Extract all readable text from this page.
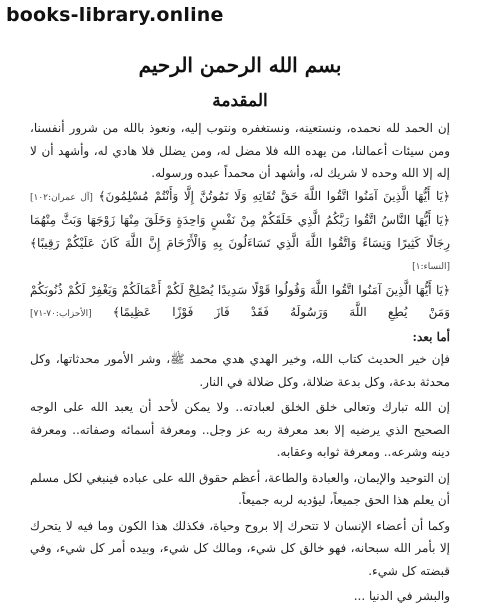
books-library.online
بسم الله الرحمن الرحيم
المقدمة

إن الحمد لله نحمده، ونستعينه، ونستغفره ونتوب إليه، ونعوذ بالله من شرور أنفسنا، ومن سيئات أعمالنا، من يهده الله فلا مضل له، ومن يضلل فلا هادي له، وأشهد أن لا إله إلا الله وحده لا شريك له، وأشهد أن محمداً عبده ورسوله.

﴿يَا أَيُّهَا الَّذِينَ آمَنُوا اتَّقُوا اللَّهَ حَقَّ تُقَاتِهِ وَلَا تَمُوتُنَّ إِلَّا وَأَنْتُمْ مُسْلِمُونَ﴾ [آل عمران:١٠٢]
﴿يَا أَيُّهَا النَّاسُ اتَّقُوا رَبَّكُمُ الَّذِي خَلَقَكُمْ مِنْ نَفْسٍ وَاحِدَةٍ وَخَلَقَ مِنْهَا زَوْجَهَا وَبَثَّ مِنْهُمَا رِجَالًا كَثِيرًا وَنِسَاءً وَاتَّقُوا اللَّهَ الَّذِي تَسَاءَلُونَ بِهِ وَالْأَرْحَامَ إِنَّ اللَّهَ كَانَ عَلَيْكُمْ رَقِيبًا﴾ [النساء:١]
﴿يَا أَيُّهَا الَّذِينَ آمَنُوا اتَّقُوا اللَّهَ وَقُولُوا قَوْلًا سَدِيدًا يُصْلِحْ لَكُمْ أَعْمَالَكُمْ وَيَغْفِرْ لَكُمْ ذُنُوبَكُمْ وَمَنْ يُطِعِ اللَّهَ وَرَسُولَهُ فَقَدْ فَازَ فَوْزًا عَظِيمًا﴾ [الأحزاب:٧٠-٧١]

أما بعد:

فإن خير الحديث كتاب الله، وخير الهدي هدي محمد ﷺ، وشر الأمور محدثاتها، وكل محدثة بدعة، وكل بدعة ضلالة، وكل ضلالة في النار.

إن الله تبارك وتعالى خلق الخلق لعبادته.. ولا يمكن لأحد أن يعبد الله على الوجه الصحيح الذي يرضيه إلا بعد معرفة ربه عز وجل.. ومعرفة أسمائه وصفاته.. ومعرفة دينه وشرعه.. ومعرفة ثوابه وعقابه.

إن التوحيد والإيمان، والعبادة والطاعة، أعظم حقوق الله على عباده فينبغي لكل مسلم أن يعلم هذا الحق جميعاً، ليؤديه لربه جميعاً.

وكما أن أعضاء الإنسان لا تتحرك إلا بروح وحياة، فكذلك هذا الكون وما فيه لا يتحرك إلا بأمر الله سبحانه، فهو خالق كل شيء، ومالك كل شيء، وبيده أمر كل شيء، وفي قبضته كل شيء.

والبشر في الدنيا ...
